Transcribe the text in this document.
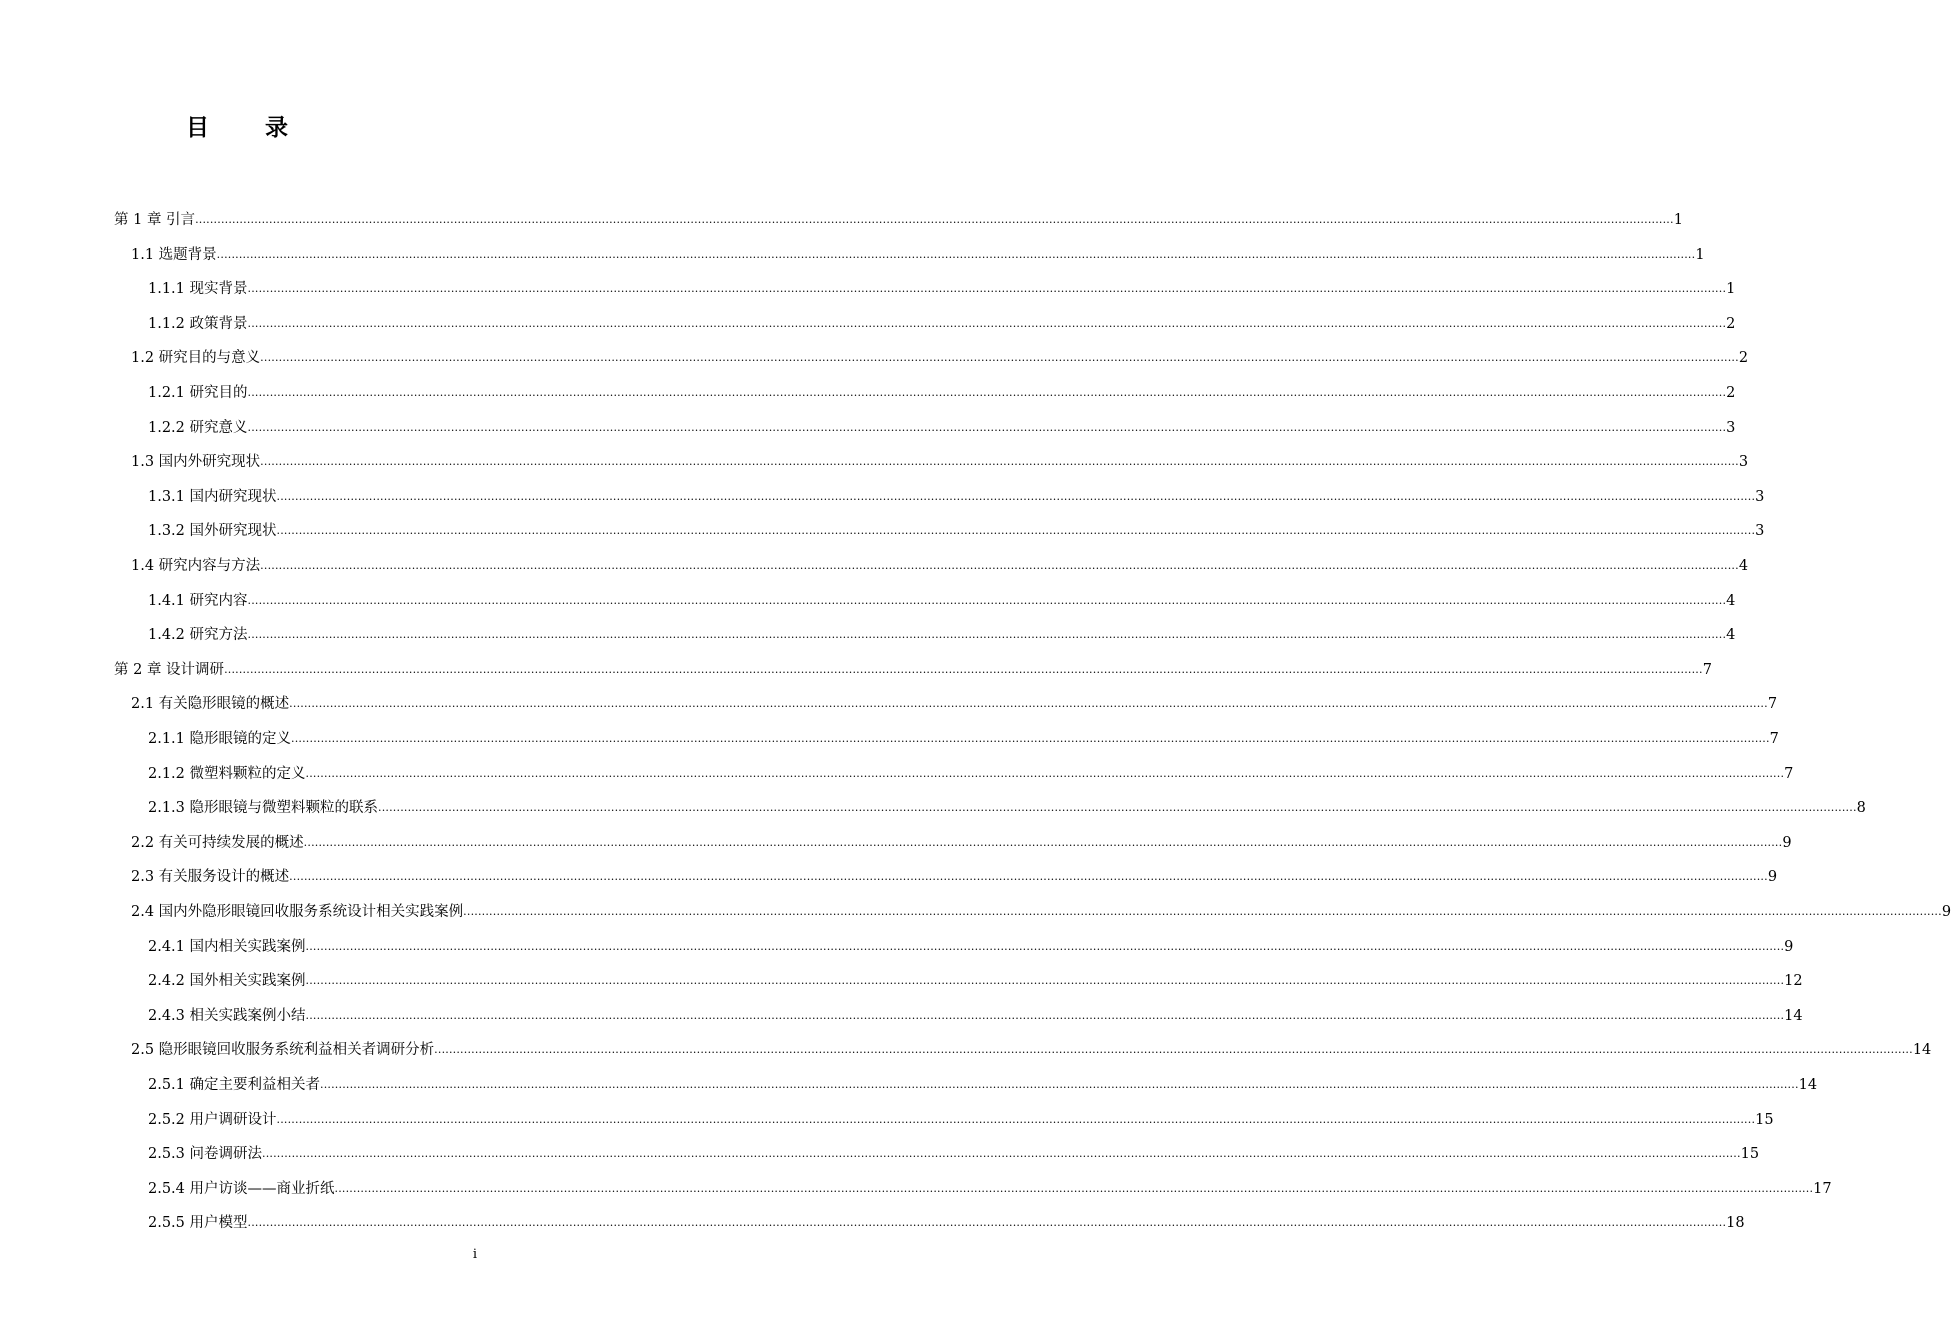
目 录
第 1 章 引言 ................................................................................................................................................................................................................................................................................................................................................................................................................ 1
1.1 选题背景 ................................................................................................................................................................................................................................................................................................................................................................................................................ 1
1.1.1 现实背景 ................................................................................................................................................................................................................................................................................................................................................................................................................ 1
1.1.2 政策背景 ................................................................................................................................................................................................................................................................................................................................................................................................................ 2
1.2 研究目的与意义 ................................................................................................................................................................................................................................................................................................................................................................................................................ 2
1.2.1 研究目的 ................................................................................................................................................................................................................................................................................................................................................................................................................ 2
1.2.2 研究意义 ................................................................................................................................................................................................................................................................................................................................................................................................................ 3
1.3 国内外研究现状 ................................................................................................................................................................................................................................................................................................................................................................................................................ 3
1.3.1 国内研究现状 ................................................................................................................................................................................................................................................................................................................................................................................................................ 3
1.3.2 国外研究现状 ................................................................................................................................................................................................................................................................................................................................................................................................................ 3
1.4 研究内容与方法 ................................................................................................................................................................................................................................................................................................................................................................................................................ 4
1.4.1 研究内容 ................................................................................................................................................................................................................................................................................................................................................................................................................ 4
1.4.2 研究方法 ................................................................................................................................................................................................................................................................................................................................................................................................................ 4
第 2 章 设计调研 ................................................................................................................................................................................................................................................................................................................................................................................................................ 7
2.1 有关隐形眼镜的概述 ................................................................................................................................................................................................................................................................................................................................................................................................................ 7
2.1.1 隐形眼镜的定义 ................................................................................................................................................................................................................................................................................................................................................................................................................ 7
2.1.2 微塑料颗粒的定义 ................................................................................................................................................................................................................................................................................................................................................................................................................ 7
2.1.3 隐形眼镜与微塑料颗粒的联系 ................................................................................................................................................................................................................................................................................................................................................................................................................ 8
2.2 有关可持续发展的概述 ................................................................................................................................................................................................................................................................................................................................................................................................................ 9
2.3 有关服务设计的概述 ................................................................................................................................................................................................................................................................................................................................................................................................................ 9
2.4 国内外隐形眼镜回收服务系统设计相关实践案例 ................................................................................................................................................................................................................................................................................................................................................................................................................ 9
2.4.1 国内相关实践案例 ................................................................................................................................................................................................................................................................................................................................................................................................................ 9
2.4.2 国外相关实践案例 ................................................................................................................................................................................................................................................................................................................................................................................................................ 12
2.4.3 相关实践案例小结 ................................................................................................................................................................................................................................................................................................................................................................................................................ 14
2.5 隐形眼镜回收服务系统利益相关者调研分析 ................................................................................................................................................................................................................................................................................................................................................................................................................ 14
2.5.1 确定主要利益相关者 ................................................................................................................................................................................................................................................................................................................................................................................................................ 14
2.5.2 用户调研设计 ................................................................................................................................................................................................................................................................................................................................................................................................................ 15
2.5.3 问卷调研法 ................................................................................................................................................................................................................................................................................................................................................................................................................ 15
2.5.4 用户访谈——商业折纸 ................................................................................................................................................................................................................................................................................................................................................................................................................ 17
2.5.5 用户模型 ................................................................................................................................................................................................................................................................................................................................................................................................................ 18
i
